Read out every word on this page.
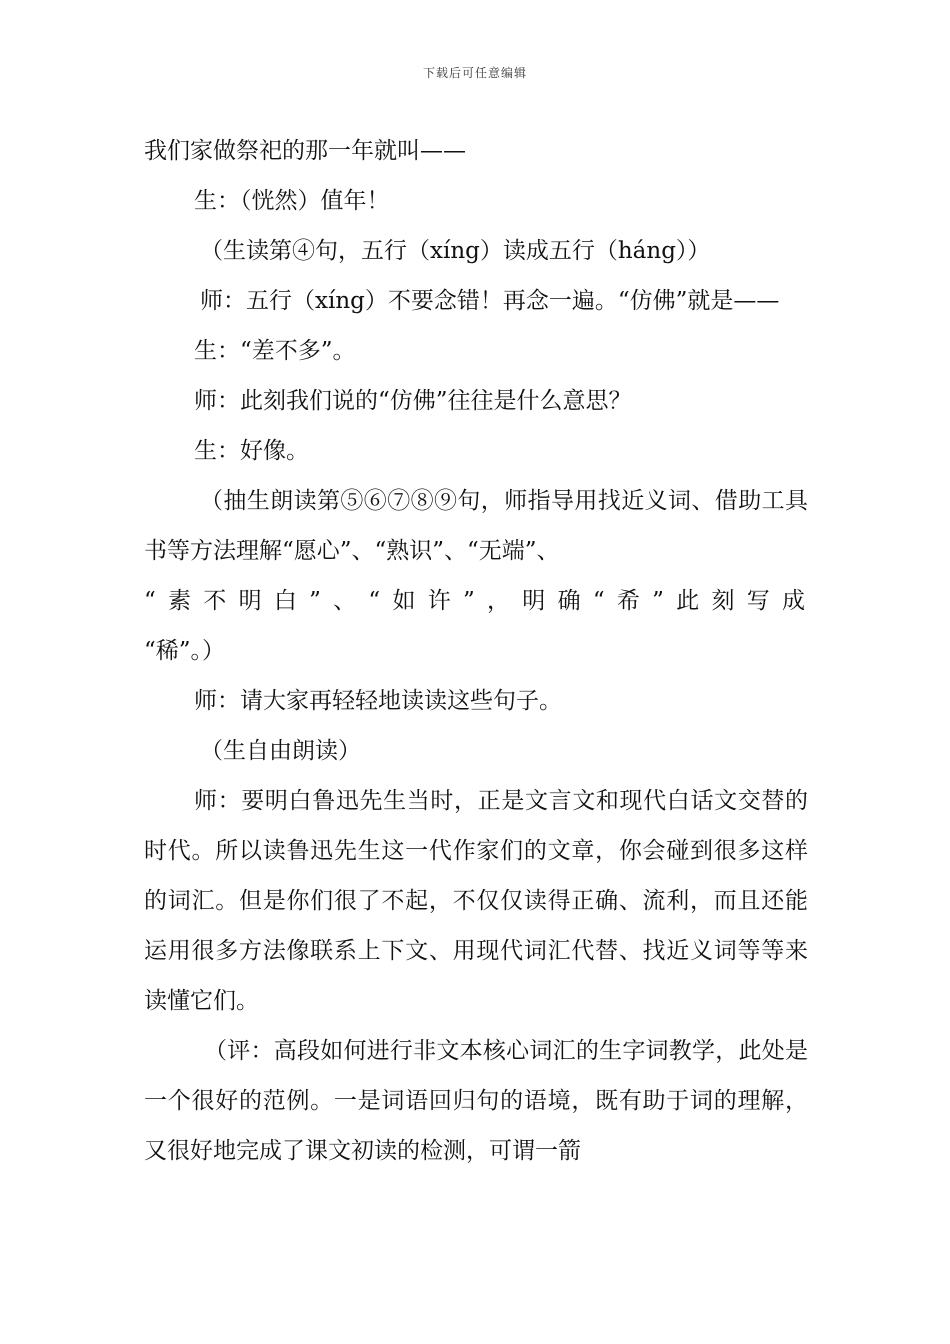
下载后可任意编辑

我们家做祭祀的那一年就叫——

生：（恍然）值年！

（生读第④句，五行（xíng）读成五行（háng））

师：五行（xíng）不要念错！再念一遍。“仿佛”就是——

生：“差不多”。

师：此刻我们说的“仿佛”往往是什么意思？

生：好像。

（抽生朗读第⑤⑥⑦⑧⑨句，师指导用找近义词、借助工具书等方法理解“愿心”、“熟识”、“无端”、

“素不明白”、“如许”，明确“希”此刻写成

“稀”。）

师：请大家再轻轻地读读这些句子。

（生自由朗读）

师：要明白鲁迅先生当时，正是文言文和现代白话文交替的时代。所以读鲁迅先生这一代作家们的文章，你会碰到很多这样的词汇。但是你们很了不起，不仅仅读得正确、流利，而且还能运用很多方法像联系上下文、用现代词汇代替、找近义词等等来读懂它们。

（评：高段如何进行非文本核心词汇的生字词教学，此处是一个很好的范例。一是词语回归句的语境，既有助于词的理解，又很好地完成了课文初读的检测，可谓一箭
